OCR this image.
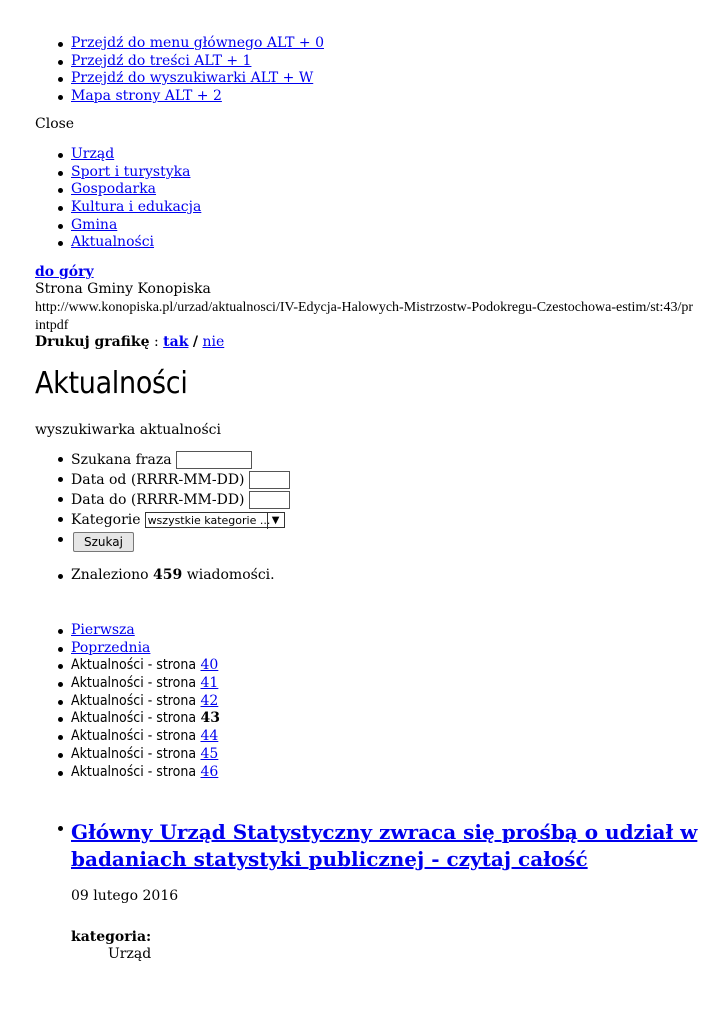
Przejdź do menu głównego ALT + 0
Przejdź do treści ALT + 1
Przejdź do wyszukiwarki ALT + W
Mapa strony ALT + 2
Close
Urząd
Sport i turystyka
Gospodarka
Kultura i edukacja
Gmina
Aktualności
do góry
Strona Gminy Konopiska
http://www.konopiska.pl/urzad/aktualnosci/IV-Edycja-Halowych-Mistrzostw-Podokregu-Czestochowa-estim/st:43/printpdf
Drukuj grafikę : tak / nie
Aktualności
wyszukiwarka aktualności
Szukana fraza
Data od (RRRR-MM-DD)
Data do (RRRR-MM-DD)
Kategorie wszystkie kategorie ... ▼
Szukaj
Znaleziono 459 wiadomości.
Pierwsza
Poprzednia
Aktualności - strona 40
Aktualności - strona 41
Aktualności - strona 42
Aktualności - strona 43
Aktualności - strona 44
Aktualności - strona 45
Aktualności - strona 46
Główny Urząd Statystyczny zwraca się prośbą o udział w
badaniach statystyki publicznej - czytaj całość
09 lutego 2016
kategoria:
Urząd
